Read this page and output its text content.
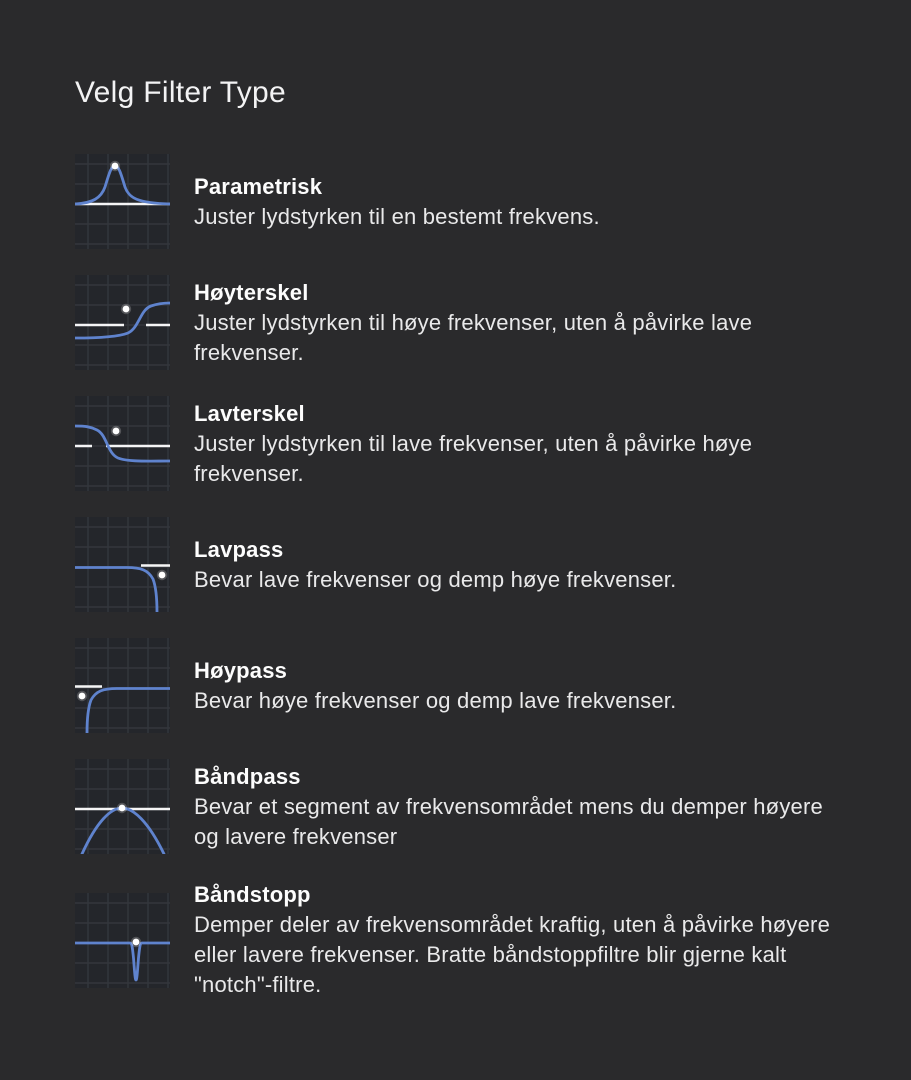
Velg Filter Type
Parametrisk
Juster lydstyrken til en bestemt frekvens.
Høyterskel
Juster lydstyrken til høye frekvenser, uten å påvirke lave frekvenser.
Lavterskel
Juster lydstyrken til lave frekvenser, uten å påvirke høye frekvenser.
Lavpass
Bevar lave frekvenser og demp høye frekvenser.
Høypass
Bevar høye frekvenser og demp lave frekvenser.
Båndpass
Bevar et segment av frekvensområdet mens du demper høyere og lavere frekvenser
Båndstopp
Demper deler av frekvensområdet kraftig, uten å påvirke høyere eller lavere frekvenser. Bratte båndstoppfiltre blir gjerne kalt "notch"-filtre.
